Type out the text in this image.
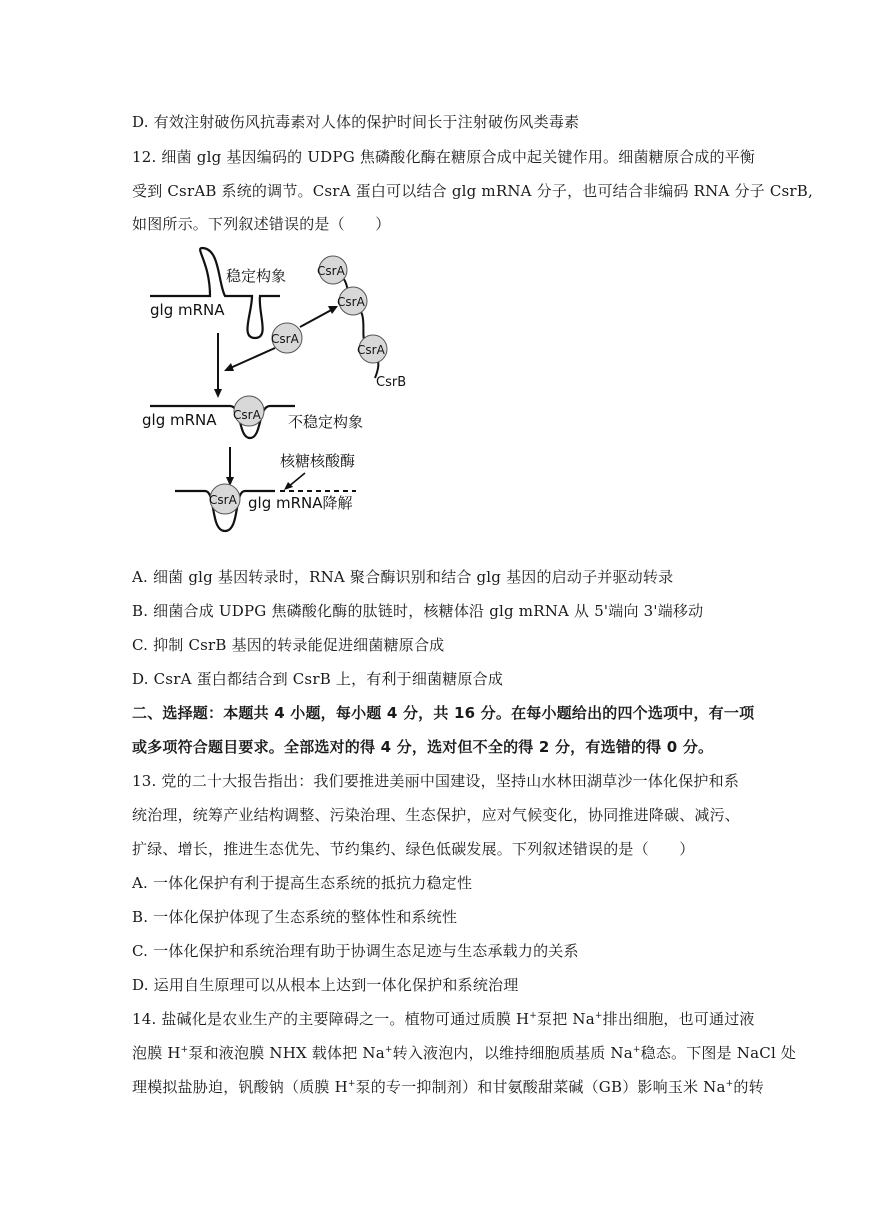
D. 有效注射破伤风抗毒素对人体的保护时间长于注射破伤风类毒素
12. 细菌 glg 基因编码的 UDPG 焦磷酸化酶在糖原合成中起关键作用。细菌糖原合成的平衡
受到 CsrAB 系统的调节。CsrA 蛋白可以结合 glg mRNA 分子，也可结合非编码 RNA 分子 CsrB,
如图所示。下列叙述错误的是（　　）
稳定构象
glg mRNA
CsrA
CsrA
CsrA
CsrB
CsrA
CsrA
glg mRNA	不稳定构象
核糖核酸酶
CsrA glg mRNA降解
A. 细菌 glg 基因转录时，RNA 聚合酶识别和结合 glg 基因的启动子并驱动转录
B. 细菌合成 UDPG 焦磷酸化酶的肽链时，核糖体沿 glg mRNA 从 5'端向 3'端移动
C. 抑制 CsrB 基因的转录能促进细菌糖原合成
D. CsrA 蛋白都结合到 CsrB 上，有利于细菌糖原合成
二、选择题：本题共 4 小题，每小题 4 分，共 16 分。在每小题给出的四个选项中，有一项
或多项符合题目要求。全部选对的得 4 分，选对但不全的得 2 分，有选错的得 0 分。
13. 党的二十大报告指出：我们要推进美丽中国建设，坚持山水林田湖草沙一体化保护和系
统治理，统筹产业结构调整、污染治理、生态保护，应对气候变化，协同推进降碳、减污、
扩绿、增长，推进生态优先、节约集约、绿色低碳发展。下列叙述错误的是（　　）
A. 一体化保护有利于提高生态系统的抵抗力稳定性
B. 一体化保护体现了生态系统的整体性和系统性
C. 一体化保护和系统治理有助于协调生态足迹与生态承载力的关系
D. 运用自生原理可以从根本上达到一体化保护和系统治理
14. 盐碱化是农业生产的主要障碍之一。植物可通过质膜 H+泵把 Na+排出细胞，也可通过液
泡膜 H+泵和液泡膜 NHX 载体把 Na+转入液泡内，以维持细胞质基质 Na+稳态。下图是 NaCl 处
理模拟盐胁迫，钒酸钠（质膜 H+泵的专一抑制剂）和甘氨酸甜菜碱（GB）影响玉米 Na+的转
